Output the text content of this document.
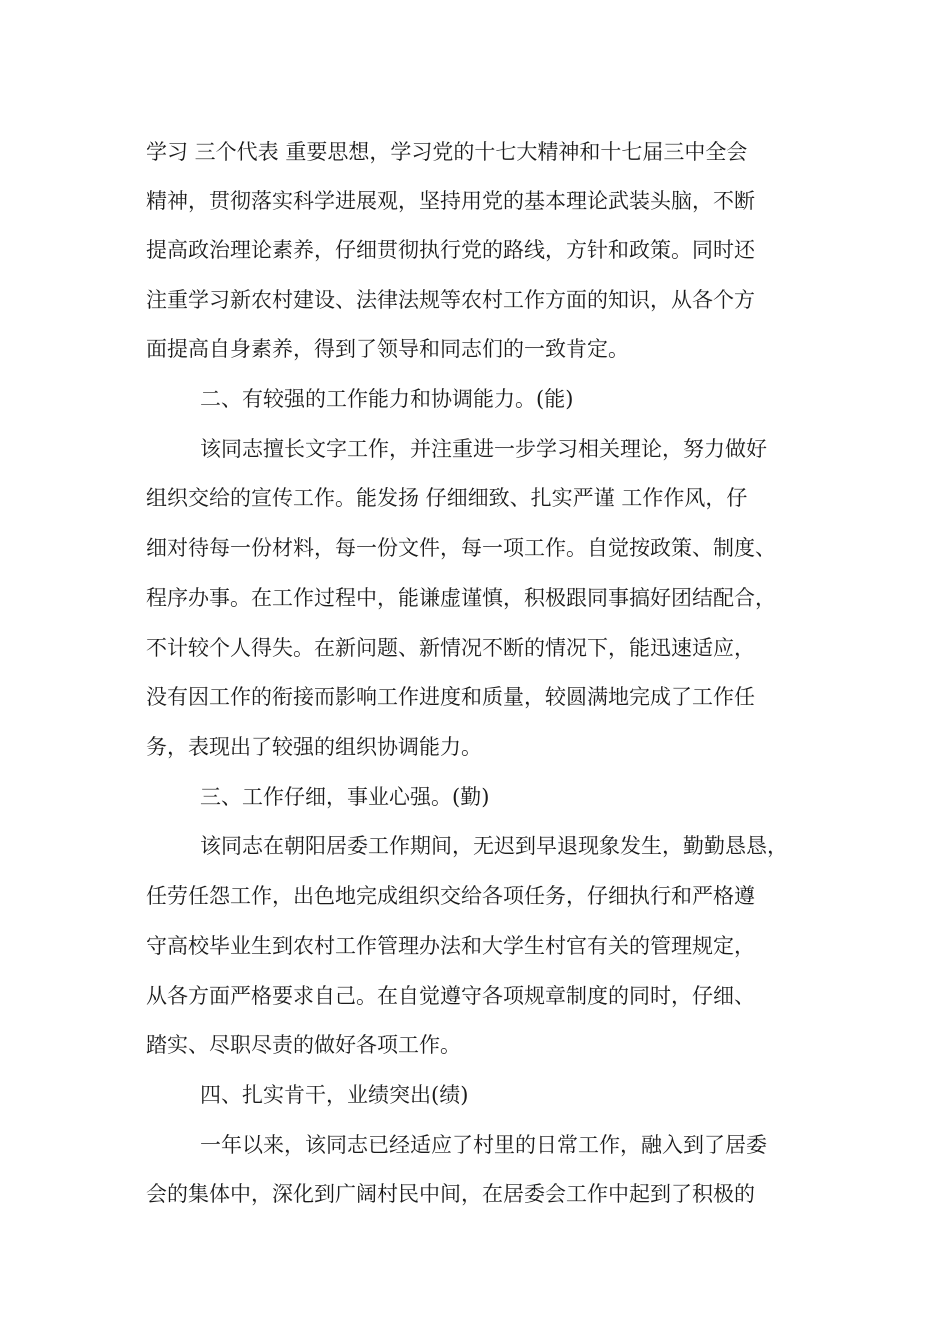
学习 三个代表 重要思想，学习党的十七大精神和十七届三中全会
精神，贯彻落实科学进展观，坚持用党的基本理论武装头脑，不断
提高政治理论素养，仔细贯彻执行党的路线，方针和政策。同时还
注重学习新农村建设、法律法规等农村工作方面的知识，从各个方
面提高自身素养，得到了领导和同志们的一致肯定。
二、有较强的工作能力和协调能力。(能)
该同志擅长文字工作，并注重进一步学习相关理论，努力做好
组织交给的宣传工作。能发扬 仔细细致、扎实严谨 工作作风，仔
细对待每一份材料，每一份文件，每一项工作。自觉按政策、制度、
程序办事。在工作过程中，能谦虚谨慎，积极跟同事搞好团结配合，
不计较个人得失。在新问题、新情况不断的情况下，能迅速适应，
没有因工作的衔接而影响工作进度和质量，较圆满地完成了工作任
务，表现出了较强的组织协调能力。
三、工作仔细，事业心强。(勤)
该同志在朝阳居委工作期间，无迟到早退现象发生，勤勤恳恳，
任劳任怨工作，出色地完成组织交给各项任务，仔细执行和严格遵
守高校毕业生到农村工作管理办法和大学生村官有关的管理规定，
从各方面严格要求自己。在自觉遵守各项规章制度的同时，仔细、
踏实、尽职尽责的做好各项工作。
四、扎实肯干，业绩突出(绩)
一年以来，该同志已经适应了村里的日常工作，融入到了居委
会的集体中，深化到广阔村民中间，在居委会工作中起到了积极的
